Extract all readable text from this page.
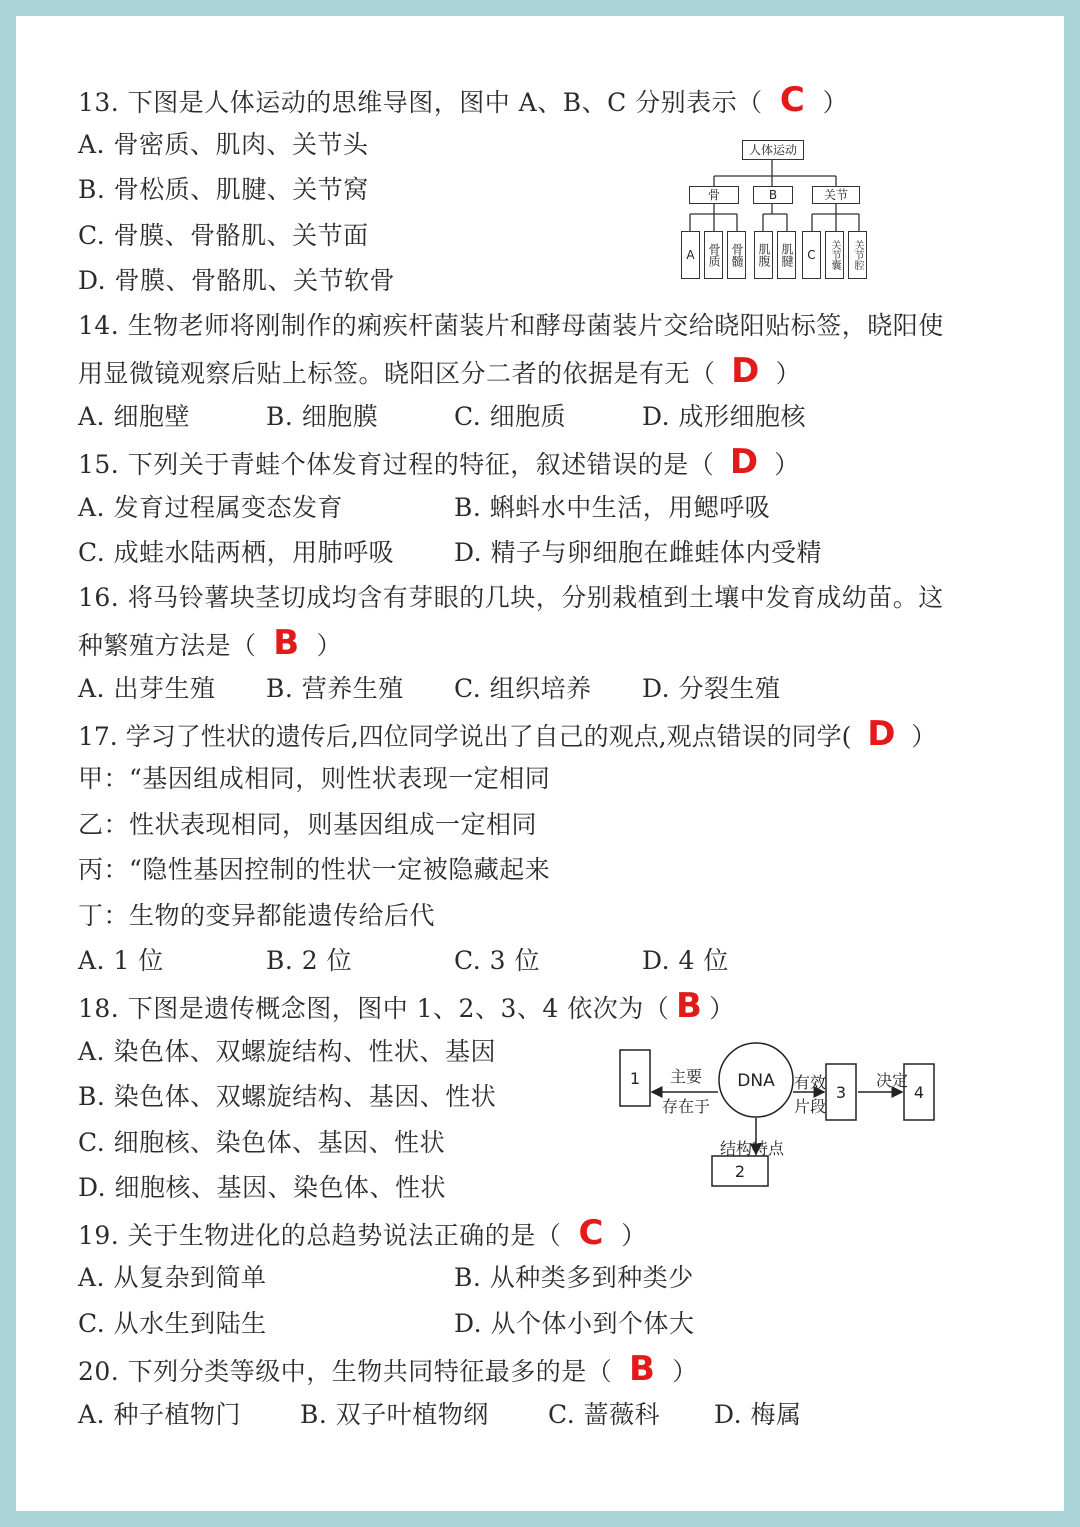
13. 下图是人体运动的思维导图，图中 A、B、C 分别表示（ C ）
A. 骨密质、肌肉、关节头
B. 骨松质、肌腱、关节窝
C. 骨膜、骨骼肌、关节面
D. 骨膜、骨骼肌、关节软骨
人体运动
骨	B	关节
A	骨质 骨髓 肌腹 肌腱	C	关节囊	关节腔
14. 生物老师将刚制作的痢疾杆菌装片和酵母菌装片交给晓阳贴标签，晓阳使
用显微镜观察后贴上标签。晓阳区分二者的依据是有无（ D ）
A. 细胞壁	B. 细胞膜	C. 细胞质	D. 成形细胞核
15. 下列关于青蛙个体发育过程的特征，叙述错误的是（ D ）
A. 发育过程属变态发育	B. 蝌蚪水中生活，用鳃呼吸
C. 成蛙水陆两栖，用肺呼吸 D. 精子与卵细胞在雌蛙体内受精
16. 将马铃薯块茎切成均含有芽眼的几块，分别栽植到土壤中发育成幼苗。这
种繁殖方法是（ B ）
A. 出芽生殖 B. 营养生殖 C. 组织培养 D. 分裂生殖
17. 学习了性状的遗传后,四位同学说出了自己的观点,观点错误的同学( D ）
甲：“基因组成相同，则性状表现一定相同
乙：性状表现相同，则基因组成一定相同
丙：“隐性基因控制的性状一定被隐藏起来
丁：生物的变异都能遗传给后代
A. 1 位	B. 2 位	C. 3 位	D. 4 位
18. 下图是遗传概念图，图中 1、2、3、4 依次为（ B ）
A. 染色体、双螺旋结构、性状、基因
B. 染色体、双螺旋结构、基因、性状
C. 细胞核、染色体、基因、性状
D. 细胞核、基因、染色体、性状
1
2
3	4
DNA
主要
存在于
有效
片段
决定
结构特点
19. 关于生物进化的总趋势说法正确的是（ C ）
A. 从复杂到简单	B. 从种类多到种类少
C. 从水生到陆生	D. 从个体小到个体大
20. 下列分类等级中，生物共同特征最多的是（ B ）
A. 种子植物门 B. 双子叶植物纲 C. 蔷薇科 D. 梅属
